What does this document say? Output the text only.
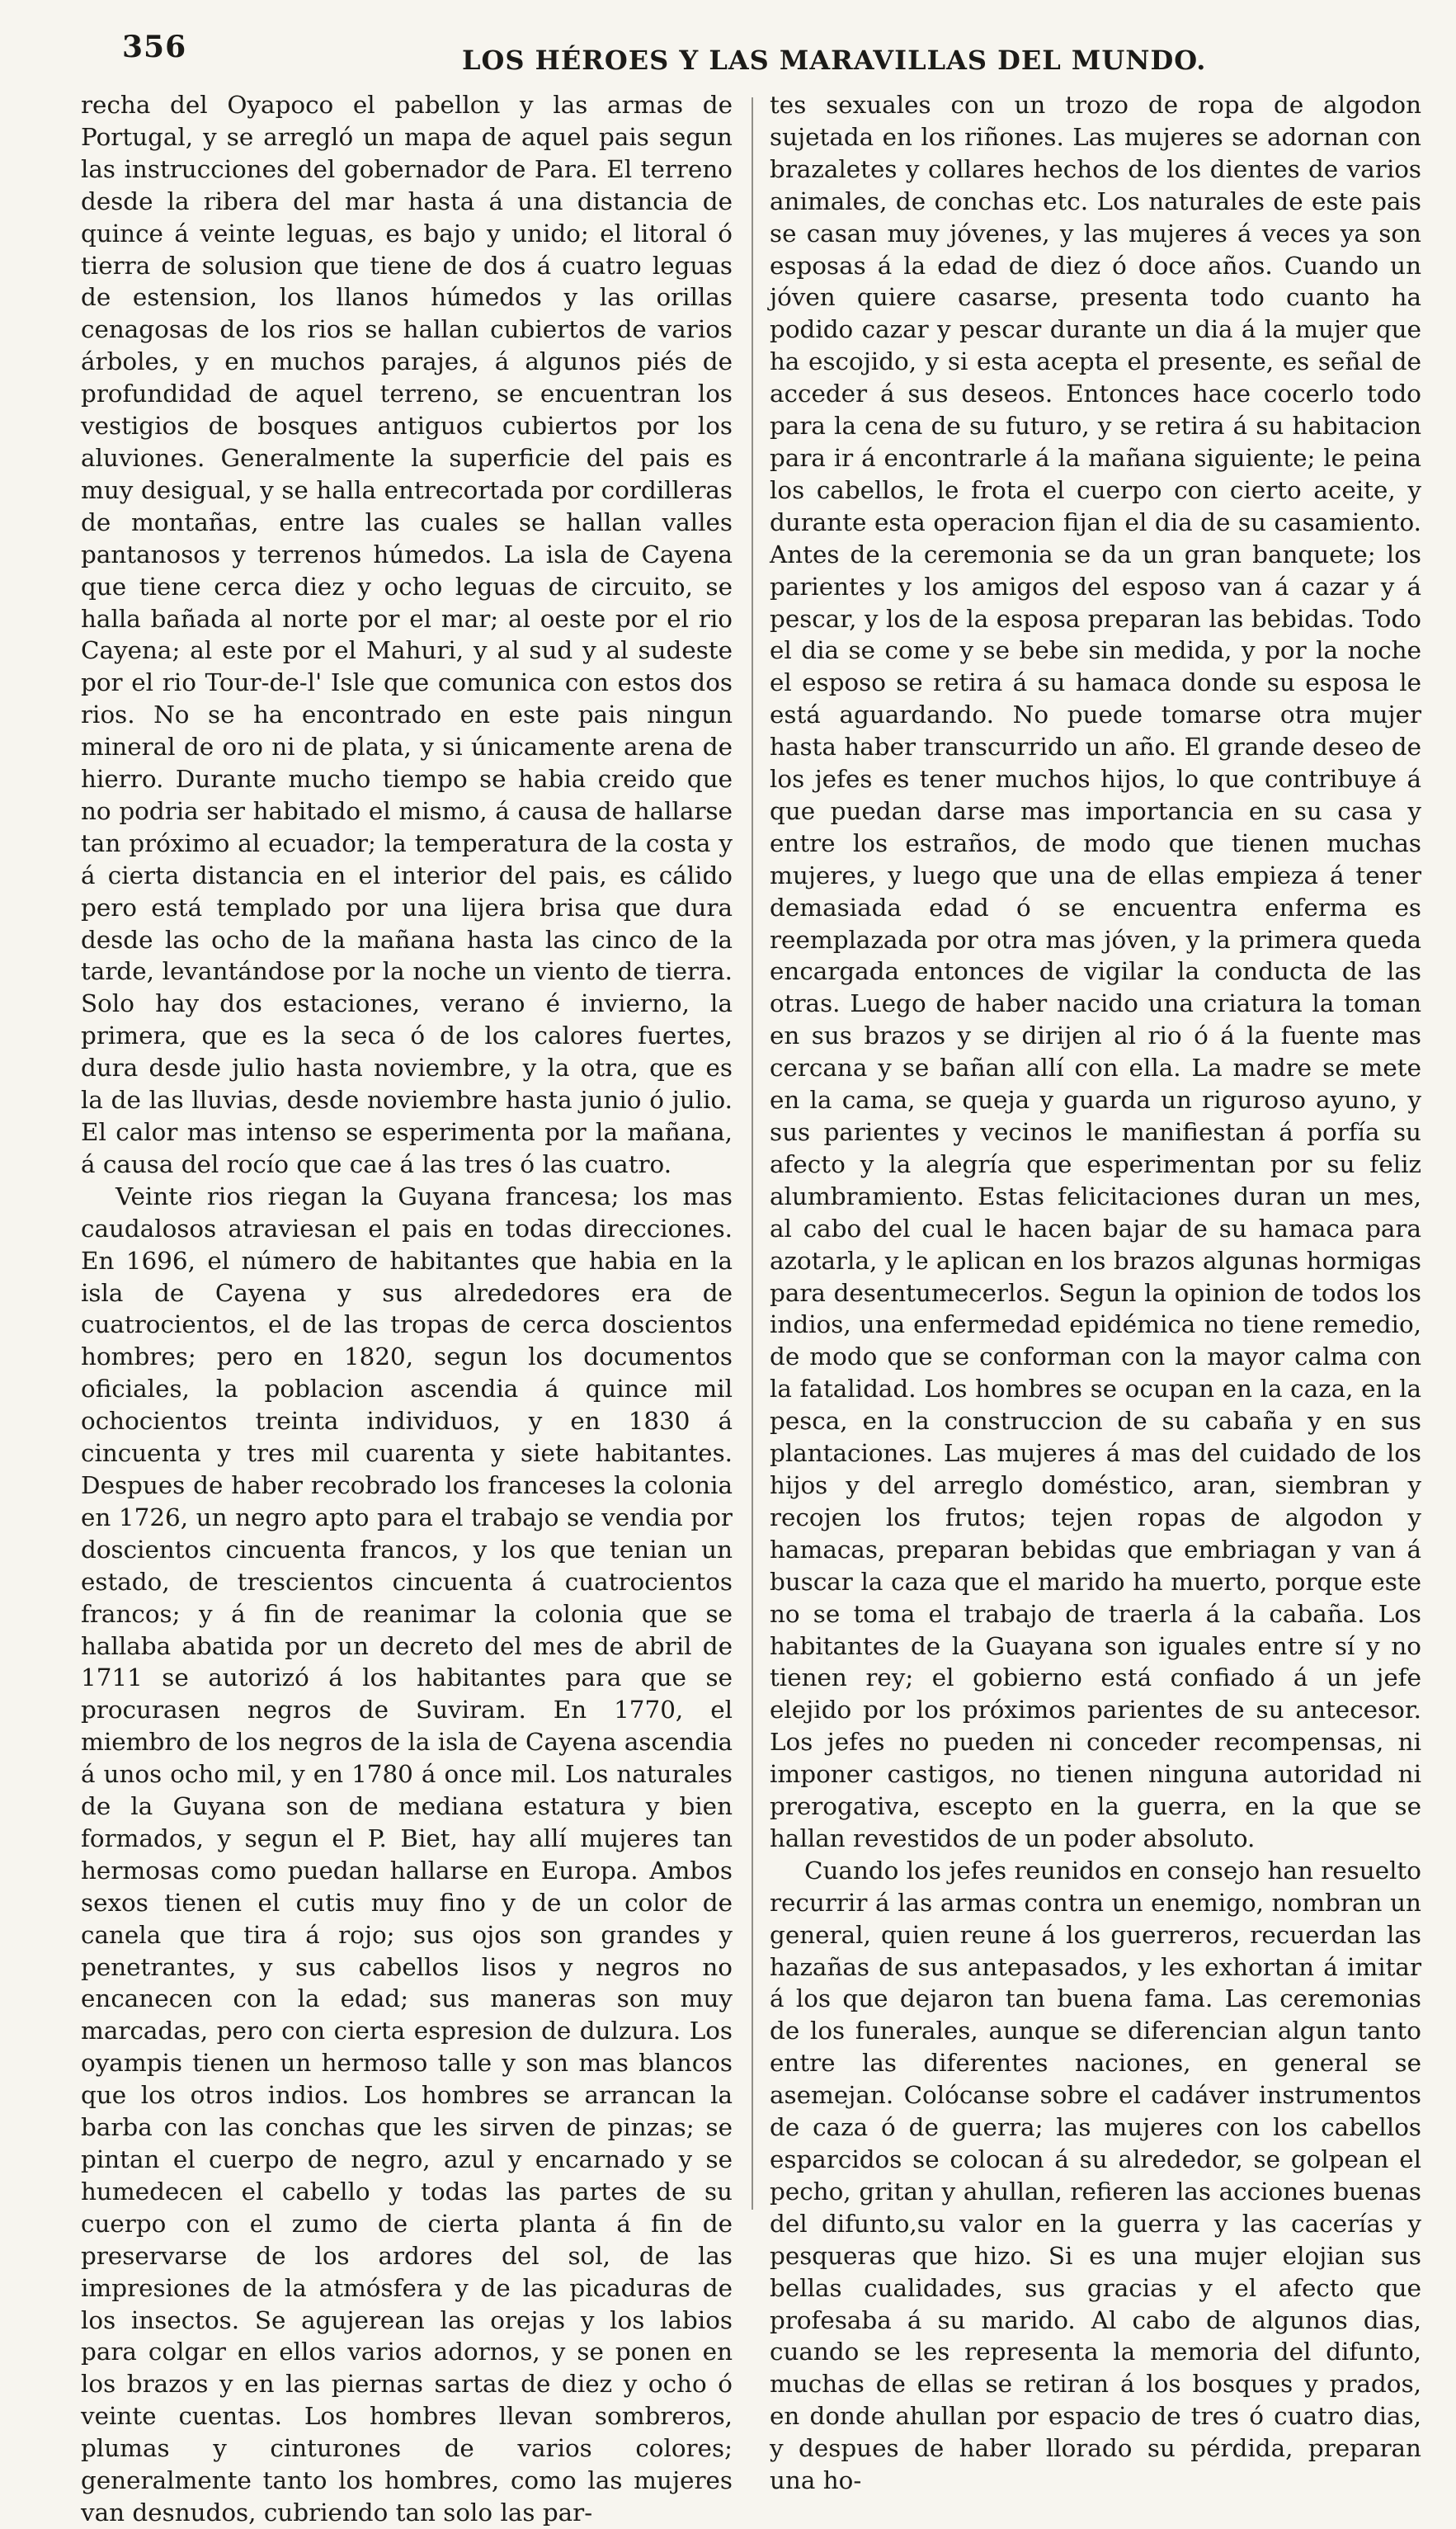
356	LOS HÉROES Y LAS MARAVILLAS DEL MUNDO.

recha del Oyapoco el pabellon y las armas de Portugal, y se arregló un mapa de aquel pais segun las instrucciones del gobernador de Para. El terreno desde la ribera del mar hasta á una distancia de quince á veinte leguas, es bajo y unido; el litoral ó tierra de solusion que tiene de dos á cuatro leguas de estension, los llanos húmedos y las orillas cenagosas de los rios se hallan cubiertos de varios árboles, y en muchos parajes, á algunos piés de profundidad de aquel terreno, se encuentran los vestigios de bosques antiguos cubiertos por los aluviones. Generalmente la superficie del pais es muy desigual, y se halla entrecortada por cordilleras de montañas, entre las cuales se hallan valles pantanosos y terrenos húmedos. La isla de Cayena que tiene cerca diez y ocho leguas de circuito, se halla bañada al norte por el mar; al oeste por el rio Cayena; al este por el Mahuri, y al sud y al sudeste por el rio Tour-de-l' Isle que comunica con estos dos rios. No se ha encontrado en este pais ningun mineral de oro ni de plata, y si únicamente arena de hierro. Durante mucho tiempo se habia creido que no podria ser habitado el mismo, á causa de hallarse tan próximo al ecuador; la temperatura de la costa y á cierta distancia en el interior del pais, es cálido pero está templado por una lijera brisa que dura desde las ocho de la mañana hasta las cinco de la tarde, levantándose por la noche un viento de tierra. Solo hay dos estaciones, verano é invierno, la primera, que es la seca ó de los calores fuertes, dura desde julio hasta noviembre, y la otra, que es la de las lluvias, desde noviembre hasta junio ó julio. El calor mas intenso se esperimenta por la mañana, á causa del rocío que cae á las tres ó las cuatro.

Veinte rios riegan la Guyana francesa; los mas caudalosos atraviesan el pais en todas direcciones. En 1696, el número de habitantes que habia en la isla de Cayena y sus alrededores era de cuatrocientos, el de las tropas de cerca doscientos hombres; pero en 1820, segun los documentos oficiales, la poblacion ascendia á quince mil ochocientos treinta individuos, y en 1830 á cincuenta y tres mil cuarenta y siete habitantes. Despues de haber recobrado los franceses la colonia en 1726, un negro apto para el trabajo se vendia por doscientos cincuenta francos, y los que tenian un estado, de trescientos cincuenta á cuatrocientos francos; y á fin de reanimar la colonia que se hallaba abatida por un decreto del mes de abril de 1711 se autorizó á los habitantes para que se procurasen negros de Suviram. En 1770, el miembro de los negros de la isla de Cayena ascendia á unos ocho mil, y en 1780 á once mil. Los naturales de la Guyana son de mediana estatura y bien formados, y segun el P. Biet, hay allí mujeres tan hermosas como puedan hallarse en Europa. Ambos sexos tienen el cutis muy fino y de un color de canela que tira á rojo; sus ojos son grandes y penetrantes, y sus cabellos lisos y negros no encanecen con la edad; sus maneras son muy marcadas, pero con cierta espresion de dulzura. Los oyampis tienen un hermoso talle y son mas blancos que los otros indios. Los hombres se arrancan la barba con las conchas que les sirven de pinzas; se pintan el cuerpo de negro, azul y encarnado y se humedecen el cabello y todas las partes de su cuerpo con el zumo de cierta planta á fin de preservarse de los ardores del sol, de las impresiones de la atmósfera y de las picaduras de los insectos. Se agujerean las orejas y los labios para colgar en ellos varios adornos, y se ponen en los brazos y en las piernas sartas de diez y ocho ó veinte cuentas. Los hombres llevan sombreros, plumas y cinturones de varios colores; generalmente tanto los hombres, como las mujeres van desnudos, cubriendo tan solo las par-

tes sexuales con un trozo de ropa de algodon sujetada en los riñones. Las mujeres se adornan con brazaletes y collares hechos de los dientes de varios animales, de conchas etc. Los naturales de este pais se casan muy jóvenes, y las mujeres á veces ya son esposas á la edad de diez ó doce años. Cuando un jóven quiere casarse, presenta todo cuanto ha podido cazar y pescar durante un dia á la mujer que ha escojido, y si esta acepta el presente, es señal de acceder á sus deseos. Entonces hace cocerlo todo para la cena de su futuro, y se retira á su habitacion para ir á encontrarle á la mañana siguiente; le peina los cabellos, le frota el cuerpo con cierto aceite, y durante esta operacion fijan el dia de su casamiento. Antes de la ceremonia se da un gran banquete; los parientes y los amigos del esposo van á cazar y á pescar, y los de la esposa preparan las bebidas. Todo el dia se come y se bebe sin medida, y por la noche el esposo se retira á su hamaca donde su esposa le está aguardando. No puede tomarse otra mujer hasta haber transcurrido un año. El grande deseo de los jefes es tener muchos hijos, lo que contribuye á que puedan darse mas importancia en su casa y entre los estraños, de modo que tienen muchas mujeres, y luego que una de ellas empieza á tener demasiada edad ó se encuentra enferma es reemplazada por otra mas jóven, y la primera queda encargada entonces de vigilar la conducta de las otras. Luego de haber nacido una criatura la toman en sus brazos y se dirijen al rio ó á la fuente mas cercana y se bañan allí con ella. La madre se mete en la cama, se queja y guarda un riguroso ayuno, y sus parientes y vecinos le manifiestan á porfía su afecto y la alegría que esperimentan por su feliz alumbramiento. Estas felicitaciones duran un mes, al cabo del cual le hacen bajar de su hamaca para azotarla, y le aplican en los brazos algunas hormigas para desentumecerlos. Segun la opinion de todos los indios, una enfermedad epidémica no tiene remedio, de modo que se conforman con la mayor calma con la fatalidad. Los hombres se ocupan en la caza, en la pesca, en la construccion de su cabaña y en sus plantaciones. Las mujeres á mas del cuidado de los hijos y del arreglo doméstico, aran, siembran y recojen los frutos; tejen ropas de algodon y hamacas, preparan bebidas que embriagan y van á buscar la caza que el marido ha muerto, porque este no se toma el trabajo de traerla á la cabaña. Los habitantes de la Guayana son iguales entre sí y no tienen rey; el gobierno está confiado á un jefe elejido por los próximos parientes de su antecesor. Los jefes no pueden ni conceder recompensas, ni imponer castigos, no tienen ninguna autoridad ni prerogativa, escepto en la guerra, en la que se hallan revestidos de un poder absoluto.

Cuando los jefes reunidos en consejo han resuelto recurrir á las armas contra un enemigo, nombran un general, quien reune á los guerreros, recuerdan las hazañas de sus antepasados, y les exhortan á imitar á los que dejaron tan buena fama. Las ceremonias de los funerales, aunque se diferencian algun tanto entre las diferentes naciones, en general se asemejan. Colócanse sobre el cadáver instrumentos de caza ó de guerra; las mujeres con los cabellos esparcidos se colocan á su alrededor, se golpean el pecho, gritan y ahullan, refieren las acciones buenas del difunto,su valor en la guerra y las cacerías y pesqueras que hizo. Si es una mujer elojian sus bellas cualidades, sus gracias y el afecto que profesaba á su marido. Al cabo de algunos dias, cuando se les representa la memoria del difunto, muchas de ellas se retiran á los bosques y prados, en donde ahullan por espacio de tres ó cuatro dias, y despues de haber llorado su pérdida, preparan una ho-
